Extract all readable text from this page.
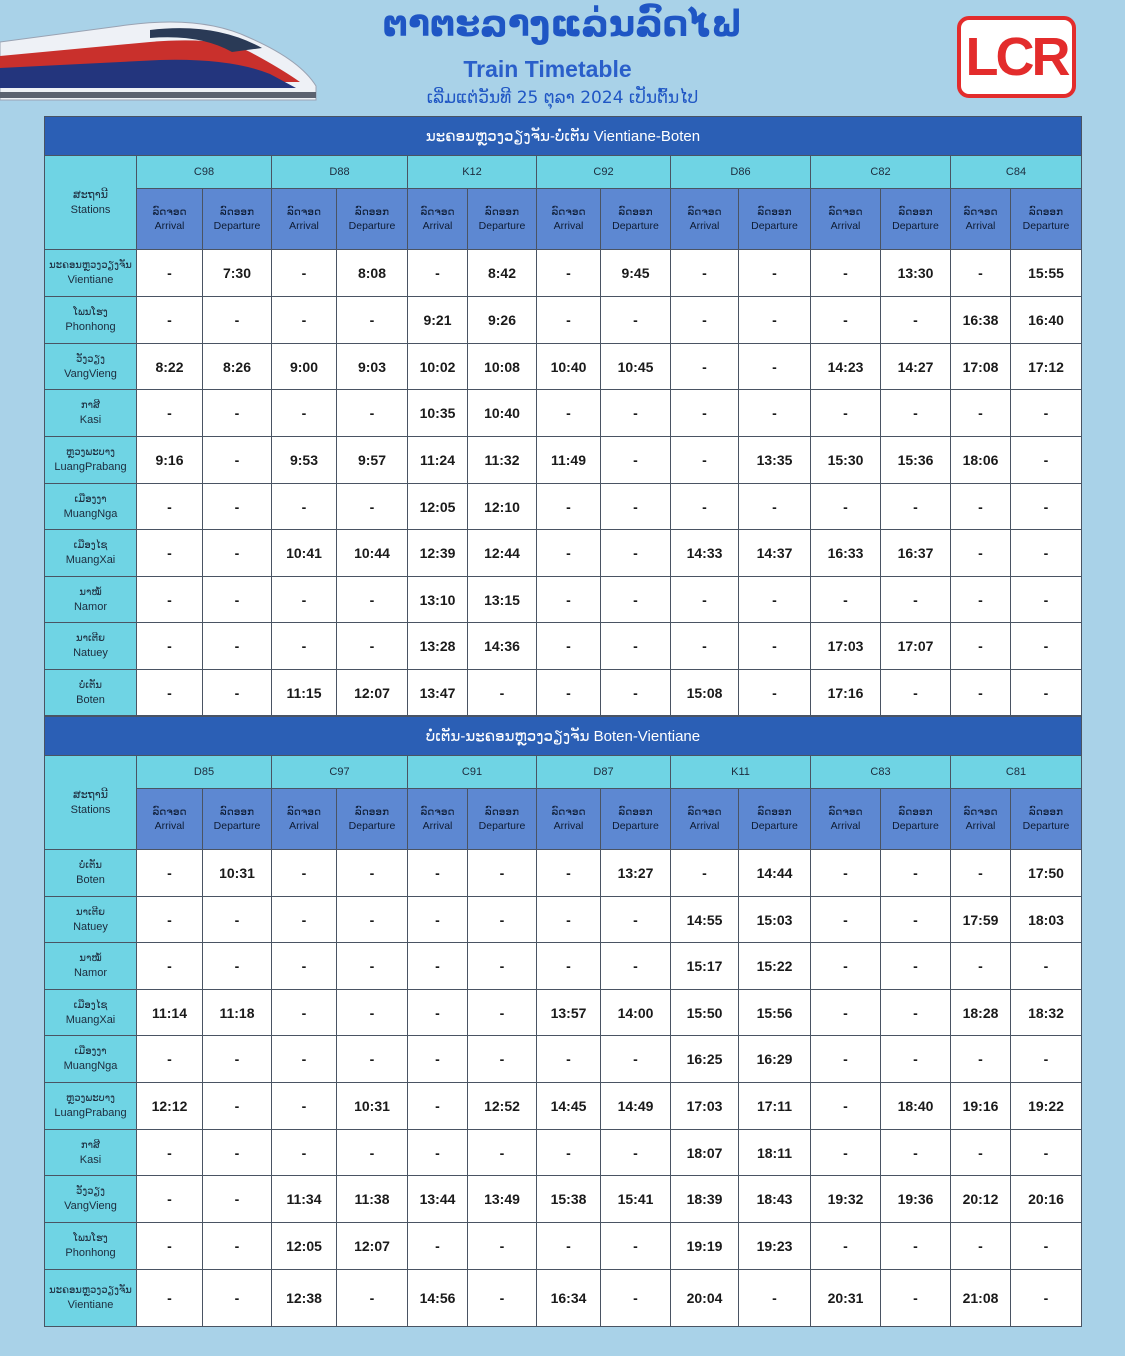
ຕາຕະລາງແລ່ນລົດໄຟ
Train Timetable
ເລີ່ມແຕ່ວັນທີ 25 ຕຸລາ 2024 ເປັນຕົ້ນໄປ
LCR
ນະຄອນຫຼວງວຽງຈັນ-ບໍ່ເຕັນ Vientiane-Boten														
ສະຖານີ
Stations	C98		D88		K12		C92		D86		C82		C84	
	ລົດຈອດ
Arrival	ລົດອອກ
Departure	ລົດຈອດ
Arrival	ລົດອອກ
Departure	ລົດຈອດ
Arrival	ລົດອອກ
Departure	ລົດຈອດ
Arrival	ລົດອອກ
Departure	ລົດຈອດ
Arrival	ລົດອອກ
Departure	ລົດຈອດ
Arrival	ລົດອອກ
Departure	ລົດຈອດ
Arrival	ລົດອອກ
Departure

ນະຄອນຫຼວງວຽງຈັນ
Vientiane	-	7:30	-	8:08	-	8:42	-	9:45	-	-	-	13:30	-	15:55

ໂພນໂຮງ
Phonhong	-	-	-	-	9:21	9:26	-	-	-	-	-	-	16:38	16:40

ວັງວຽງ
VangVieng	8:22	8:26	9:00	9:03	10:02	10:08	10:40	10:45	-	-	14:23	14:27	17:08	17:12

ກາສີ
Kasi	-	-	-	-	10:35	10:40	-	-	-	-	-	-	-	-

ຫຼວງພະບາງ
LuangPrabang	9:16	-	9:53	9:57	11:24	11:32	11:49	-	-	13:35	15:30	15:36	18:06	-

ເມືອງງາ
MuangNga	-	-	-	-	12:05	12:10	-	-	-	-	-	-	-	-

ເມືອງໄຊ
MuangXai	-	-	10:41	10:44	12:39	12:44	-	-	14:33	14:37	16:33	16:37	-	-

ນາໝໍ້
Namor	-	-	-	-	13:10	13:15	-	-	-	-	-	-	-	-

ນາເຕີຍ
Natuey	-	-	-	-	13:28	14:36	-	-	-	-	17:03	17:07	-	-

ບໍ່ເຕັນ
Boten	-	-	11:15	12:07	13:47	-	-	-	15:08	-	17:16	-	-	-
ບໍ່ເຕັນ-ນະຄອນຫຼວງວຽງຈັນ Boten-Vientiane														
ສະຖານີ
Stations	D85		C97		C91		D87		K11		C83		C81	
	ລົດຈອດ
Arrival	ລົດອອກ
Departure	ລົດຈອດ
Arrival	ລົດອອກ
Departure	ລົດຈອດ
Arrival	ລົດອອກ
Departure	ລົດຈອດ
Arrival	ລົດອອກ
Departure	ລົດຈອດ
Arrival	ລົດອອກ
Departure	ລົດຈອດ
Arrival	ລົດອອກ
Departure	ລົດຈອດ
Arrival	ລົດອອກ
Departure

ບໍ່ເຕັນ
Boten	-	10:31	-	-	-	-	-	13:27	-	14:44	-	-	-	17:50

ນາເຕີຍ
Natuey	-	-	-	-	-	-	-	-	14:55	15:03	-	-	17:59	18:03

ນາໝໍ້
Namor	-	-	-	-	-	-	-	-	15:17	15:22	-	-	-	-

ເມືອງໄຊ
MuangXai	11:14	11:18	-	-	-	-	13:57	14:00	15:50	15:56	-	-	18:28	18:32

ເມືອງງາ
MuangNga	-	-	-	-	-	-	-	-	16:25	16:29	-	-	-	-

ຫຼວງພະບາງ
LuangPrabang	12:12	-	-	10:31	-	12:52	14:45	14:49	17:03	17:11	-	18:40	19:16	19:22

ກາສີ
Kasi	-	-	-	-	-	-	-	-	18:07	18:11	-	-	-	-

ວັງວຽງ
VangVieng	-	-	11:34	11:38	13:44	13:49	15:38	15:41	18:39	18:43	19:32	19:36	20:12	20:16

ໂພນໂຮງ
Phonhong	-	-	12:05	12:07	-	-	-	-	19:19	19:23	-	-	-	-

ນະຄອນຫຼວງວຽງຈັນ
Vientiane	-	-	12:38	-	14:56	-	16:34	-	20:04	-	20:31	-	21:08	-
